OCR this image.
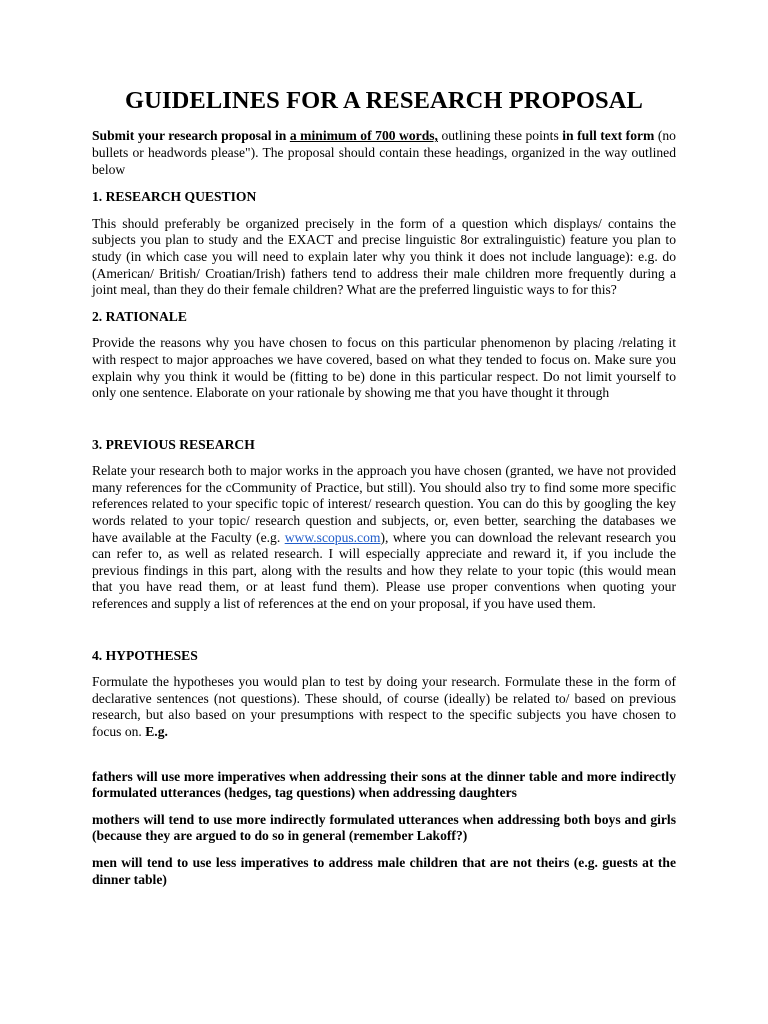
GUIDELINES FOR A RESEARCH PROPOSAL

Submit your research proposal in a minimum of 700 words, outlining these points in full text form (no bullets or headwords please"). The proposal should contain these headings, organized in the way outlined below

1. RESEARCH QUESTION

This should preferably be organized precisely in the form of a question which displays/ contains the subjects you plan to study and the EXACT and precise linguistic 8or extralinguistic) feature you plan to study (in which case you will need to explain later why you think it does not include language): e.g. do (American/ British/ Croatian/Irish) fathers tend to address their male children more frequently during a joint meal, than they do their female children? What are the preferred linguistic ways to for this?

2. RATIONALE

Provide the reasons why you have chosen to focus on this particular phenomenon by placing /relating it with respect to major approaches we have covered, based on what they tended to focus on. Make sure you explain why you think it would be (fitting to be) done in this particular respect. Do not limit yourself to only one sentence. Elaborate on your rationale by showing me that you have thought it through

3. PREVIOUS RESEARCH

Relate your research both to major works in the approach you have chosen (granted, we have not provided many references for the cCommunity of Practice, but still). You should also try to find some more specific references related to your specific topic of interest/ research question. You can do this by googling the key words related to your topic/ research question and subjects, or, even better, searching the databases we have available at the Faculty (e.g. www.scopus.com), where you can download the relevant research you can refer to, as well as related research. I will especially appreciate and reward it, if you include the previous findings in this part, along with the results and how they relate to your topic (this would mean that you have read them, or at least fund them). Please use proper conventions when quoting your references and supply a list of references at the end on your proposal, if you have used them.

4. HYPOTHESES

Formulate the hypotheses you would plan to test by doing your research. Formulate these in the form of declarative sentences (not questions). These should, of course (ideally) be related to/ based on previous research, but also based on your presumptions with respect to the specific subjects you have chosen to focus on. E.g.

fathers will use more imperatives when addressing their sons at the dinner table and more indirectly formulated utterances (hedges, tag questions) when addressing daughters

mothers will tend to use more indirectly formulated utterances when addressing both boys and girls (because they are argued to do so in general (remember Lakoff?)

men will tend to use less imperatives to address male children that are not theirs (e.g. guests at the dinner table)
